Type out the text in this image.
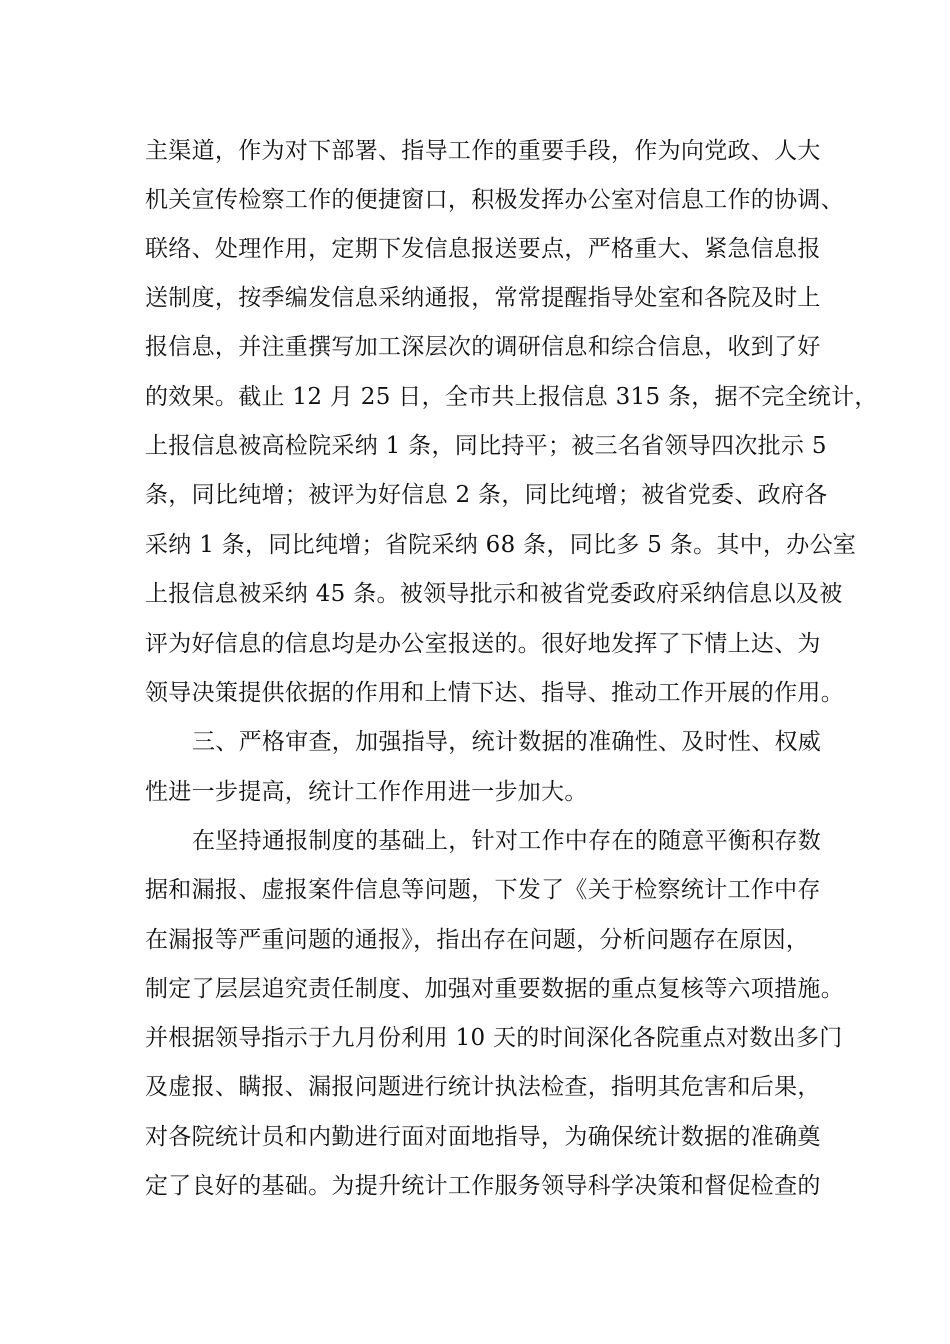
主渠道，作为对下部署、指导工作的重要手段，作为向党政、人大
机关宣传检察工作的便捷窗口，积极发挥办公室对信息工作的协调、
联络、处理作用，定期下发信息报送要点，严格重大、紧急信息报
送制度，按季编发信息采纳通报，常常提醒指导处室和各院及时上
报信息，并注重撰写加工深层次的调研信息和综合信息，收到了好
的效果。截止 12 月 25 日，全市共上报信息 315 条，据不完全统计，
上报信息被高检院采纳 1 条，同比持平；被三名省领导四次批示 5
条，同比纯增；被评为好信息 2 条，同比纯增；被省党委、政府各
采纳 1 条，同比纯增；省院采纳 68 条，同比多 5 条。其中，办公室
上报信息被采纳 45 条。被领导批示和被省党委政府采纳信息以及被
评为好信息的信息均是办公室报送的。很好地发挥了下情上达、为
领导决策提供依据的作用和上情下达、指导、推动工作开展的作用。
三、严格审查，加强指导，统计数据的准确性、及时性、权威
性进一步提高，统计工作作用进一步加大。
在坚持通报制度的基础上，针对工作中存在的随意平衡积存数
据和漏报、虚报案件信息等问题，下发了《关于检察统计工作中存
在漏报等严重问题的通报》，指出存在问题，分析问题存在原因，
制定了层层追究责任制度、加强对重要数据的重点复核等六项措施。
并根据领导指示于九月份利用 10 天的时间深化各院重点对数出多门
及虚报、瞒报、漏报问题进行统计执法检查，指明其危害和后果，
对各院统计员和内勤进行面对面地指导，为确保统计数据的准确奠
定了良好的基础。为提升统计工作服务领导科学决策和督促检查的
